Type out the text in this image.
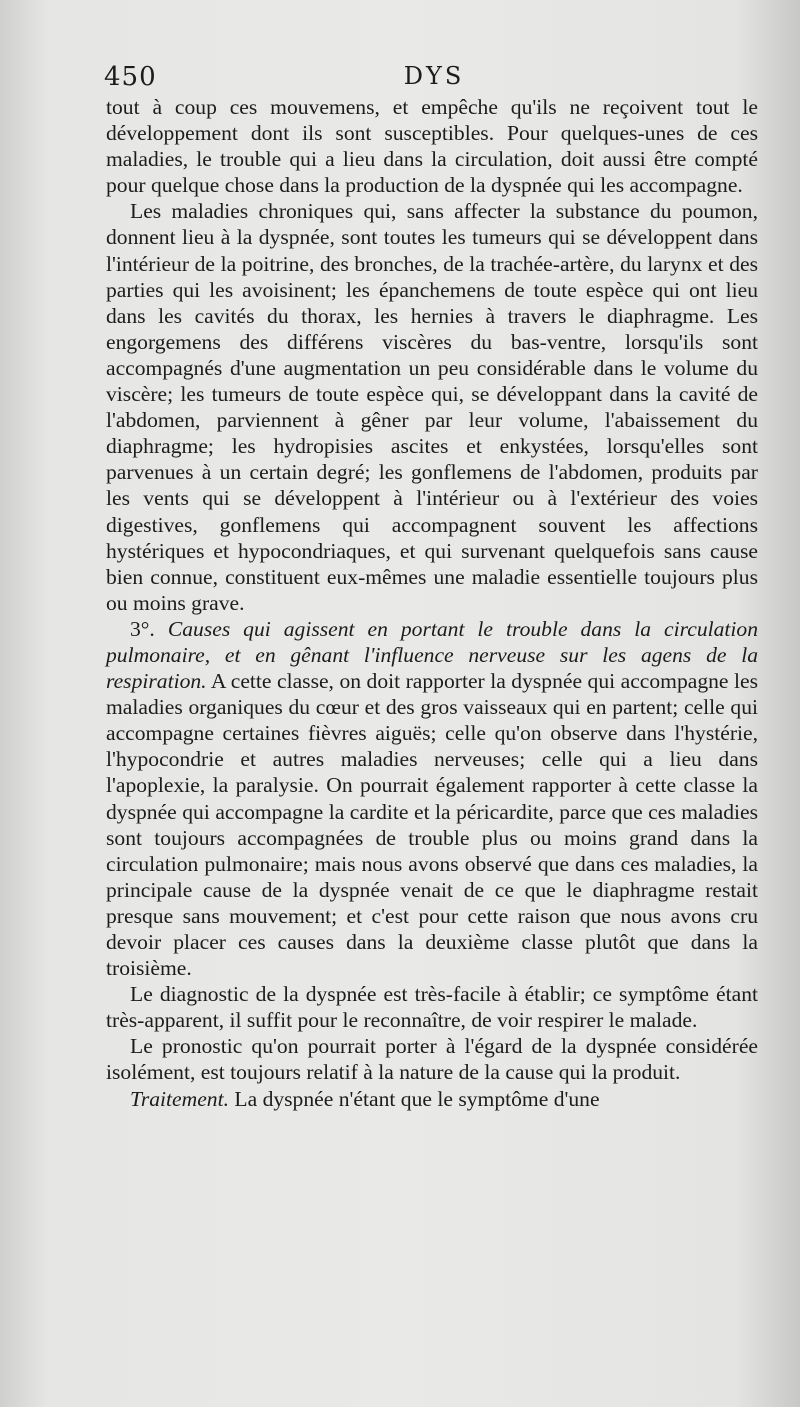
450	DYS

tout à coup ces mouvemens, et empêche qu'ils ne reçoivent tout le développement dont ils sont susceptibles. Pour quelques-unes de ces maladies, le trouble qui a lieu dans la circulation, doit aussi être compté pour quelque chose dans la production de la dyspnée qui les accompagne.

Les maladies chroniques qui, sans affecter la substance du poumon, donnent lieu à la dyspnée, sont toutes les tumeurs qui se développent dans l'intérieur de la poitrine, des bronches, de la trachée-artère, du larynx et des parties qui les avoisinent; les épanchemens de toute espèce qui ont lieu dans les cavités du thorax, les hernies à travers le diaphragme. Les engorgemens des différens viscères du bas-ventre, lorsqu'ils sont accompagnés d'une augmentation un peu considérable dans le volume du viscère; les tumeurs de toute espèce qui, se développant dans la cavité de l'abdomen, parviennent à gêner par leur volume, l'abaissement du diaphragme; les hydropisies ascites et enkystées, lorsqu'elles sont parvenues à un certain degré; les gonflemens de l'abdomen, produits par les vents qui se développent à l'intérieur ou à l'extérieur des voies digestives, gonflemens qui accompagnent souvent les affections hystériques et hypocondriaques, et qui survenant quelquefois sans cause bien connue, constituent eux-mêmes une maladie essentielle toujours plus ou moins grave.

3°. Causes qui agissent en portant le trouble dans la circulation pulmonaire, et en gênant l'influence nerveuse sur les agens de la respiration. A cette classe, on doit rapporter la dyspnée qui accompagne les maladies organiques du cœur et des gros vaisseaux qui en partent; celle qui accompagne certaines fièvres aiguës; celle qu'on observe dans l'hystérie, l'hypocondrie et autres maladies nerveuses; celle qui a lieu dans l'apoplexie, la paralysie. On pourrait également rapporter à cette classe la dyspnée qui accompagne la cardite et la péricardite, parce que ces maladies sont toujours accompagnées de trouble plus ou moins grand dans la circulation pulmonaire; mais nous avons observé que dans ces maladies, la principale cause de la dyspnée venait de ce que le diaphragme restait presque sans mouvement; et c'est pour cette raison que nous avons cru devoir placer ces causes dans la deuxième classe plutôt que dans la troisième.

Le diagnostic de la dyspnée est très-facile à établir; ce symptôme étant très-apparent, il suffit pour le reconnaître, de voir respirer le malade.

Le pronostic qu'on pourrait porter à l'égard de la dyspnée considérée isolément, est toujours relatif à la nature de la cause qui la produit.

Traitement. La dyspnée n'étant que le symptôme d'une
